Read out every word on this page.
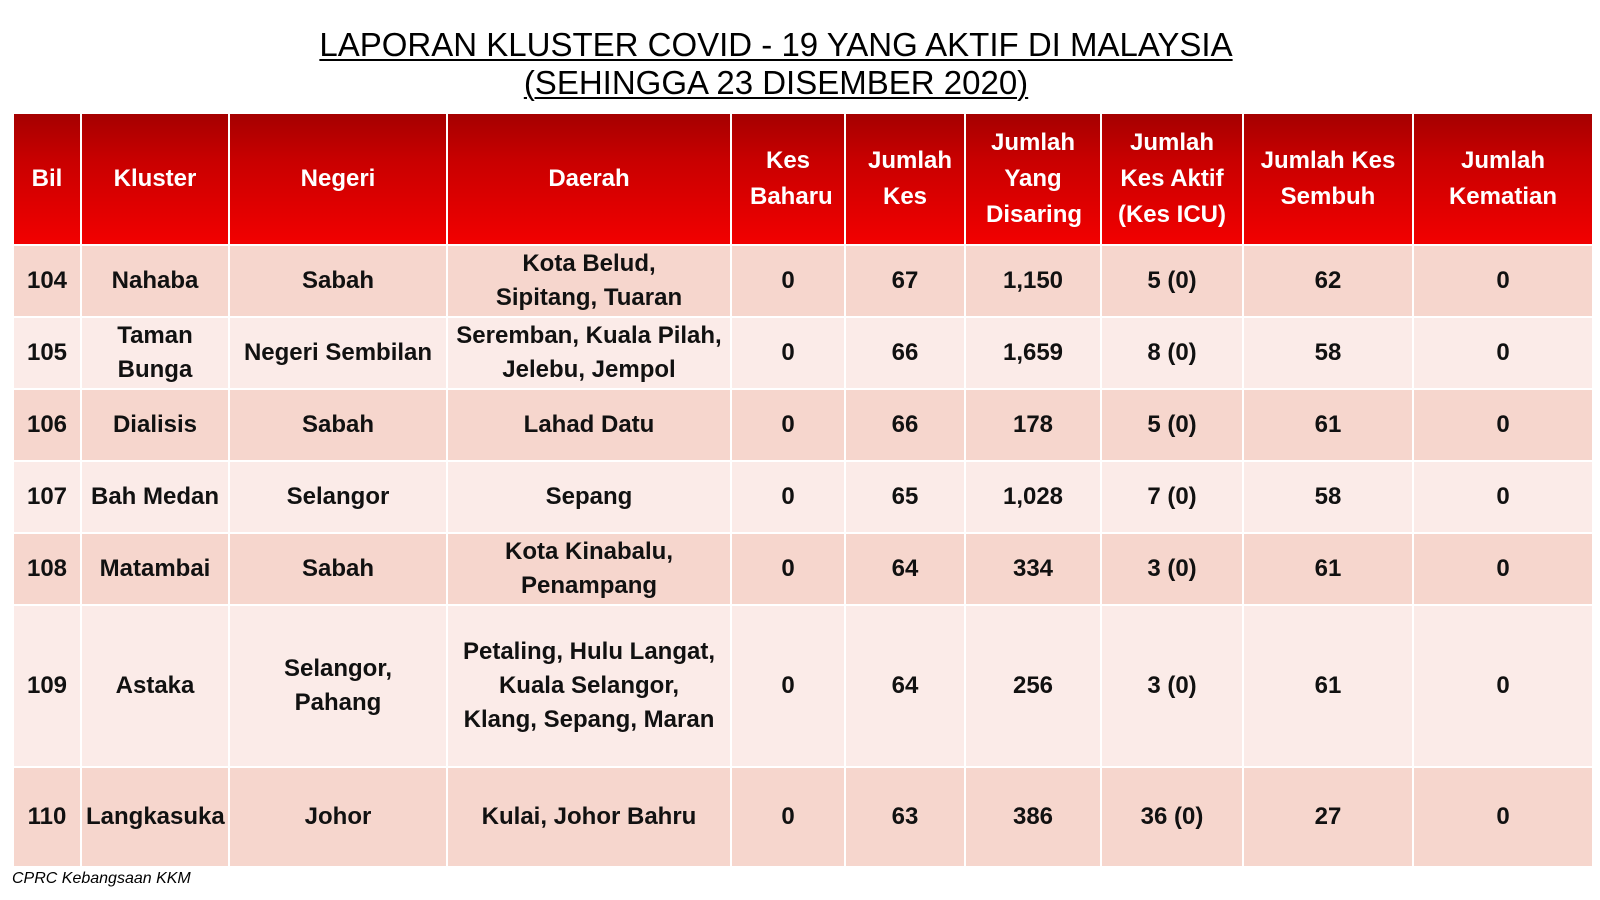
LAPORAN KLUSTER COVID - 19 YANG AKTIF DI MALAYSIA
(SEHINGGA 23 DISEMBER 2020)
Bil	Kluster	Negeri	Daerah	Kes Baharu	Jumlah Kes	Jumlah Yang Disaring	Jumlah Kes Aktif (Kes ICU)	Jumlah Kes Sembuh	Jumlah Kematian
104	Nahaba	Sabah	Kota Belud, Sipitang, Tuaran	0	67	1,150	5 (0)	62	0
105	Taman Bunga	Negeri Sembilan	Seremban, Kuala Pilah, Jelebu, Jempol	0	66	1,659	8 (0)	58	0
106	Dialisis	Sabah	Lahad Datu	0	66	178	5 (0)	61	0
107	Bah Medan	Selangor	Sepang	0	65	1,028	7 (0)	58	0
108	Matambai	Sabah	Kota Kinabalu, Penampang	0	64	334	3 (0)	61	0
109	Astaka	Selangor, Pahang	Petaling, Hulu Langat, Kuala Selangor, Klang, Sepang, Maran	0	64	256	3 (0)	61	0
110	Langkasuka	Johor	Kulai, Johor Bahru	0	63	386	36 (0)	27	0
CPRC Kebangsaan KKM
